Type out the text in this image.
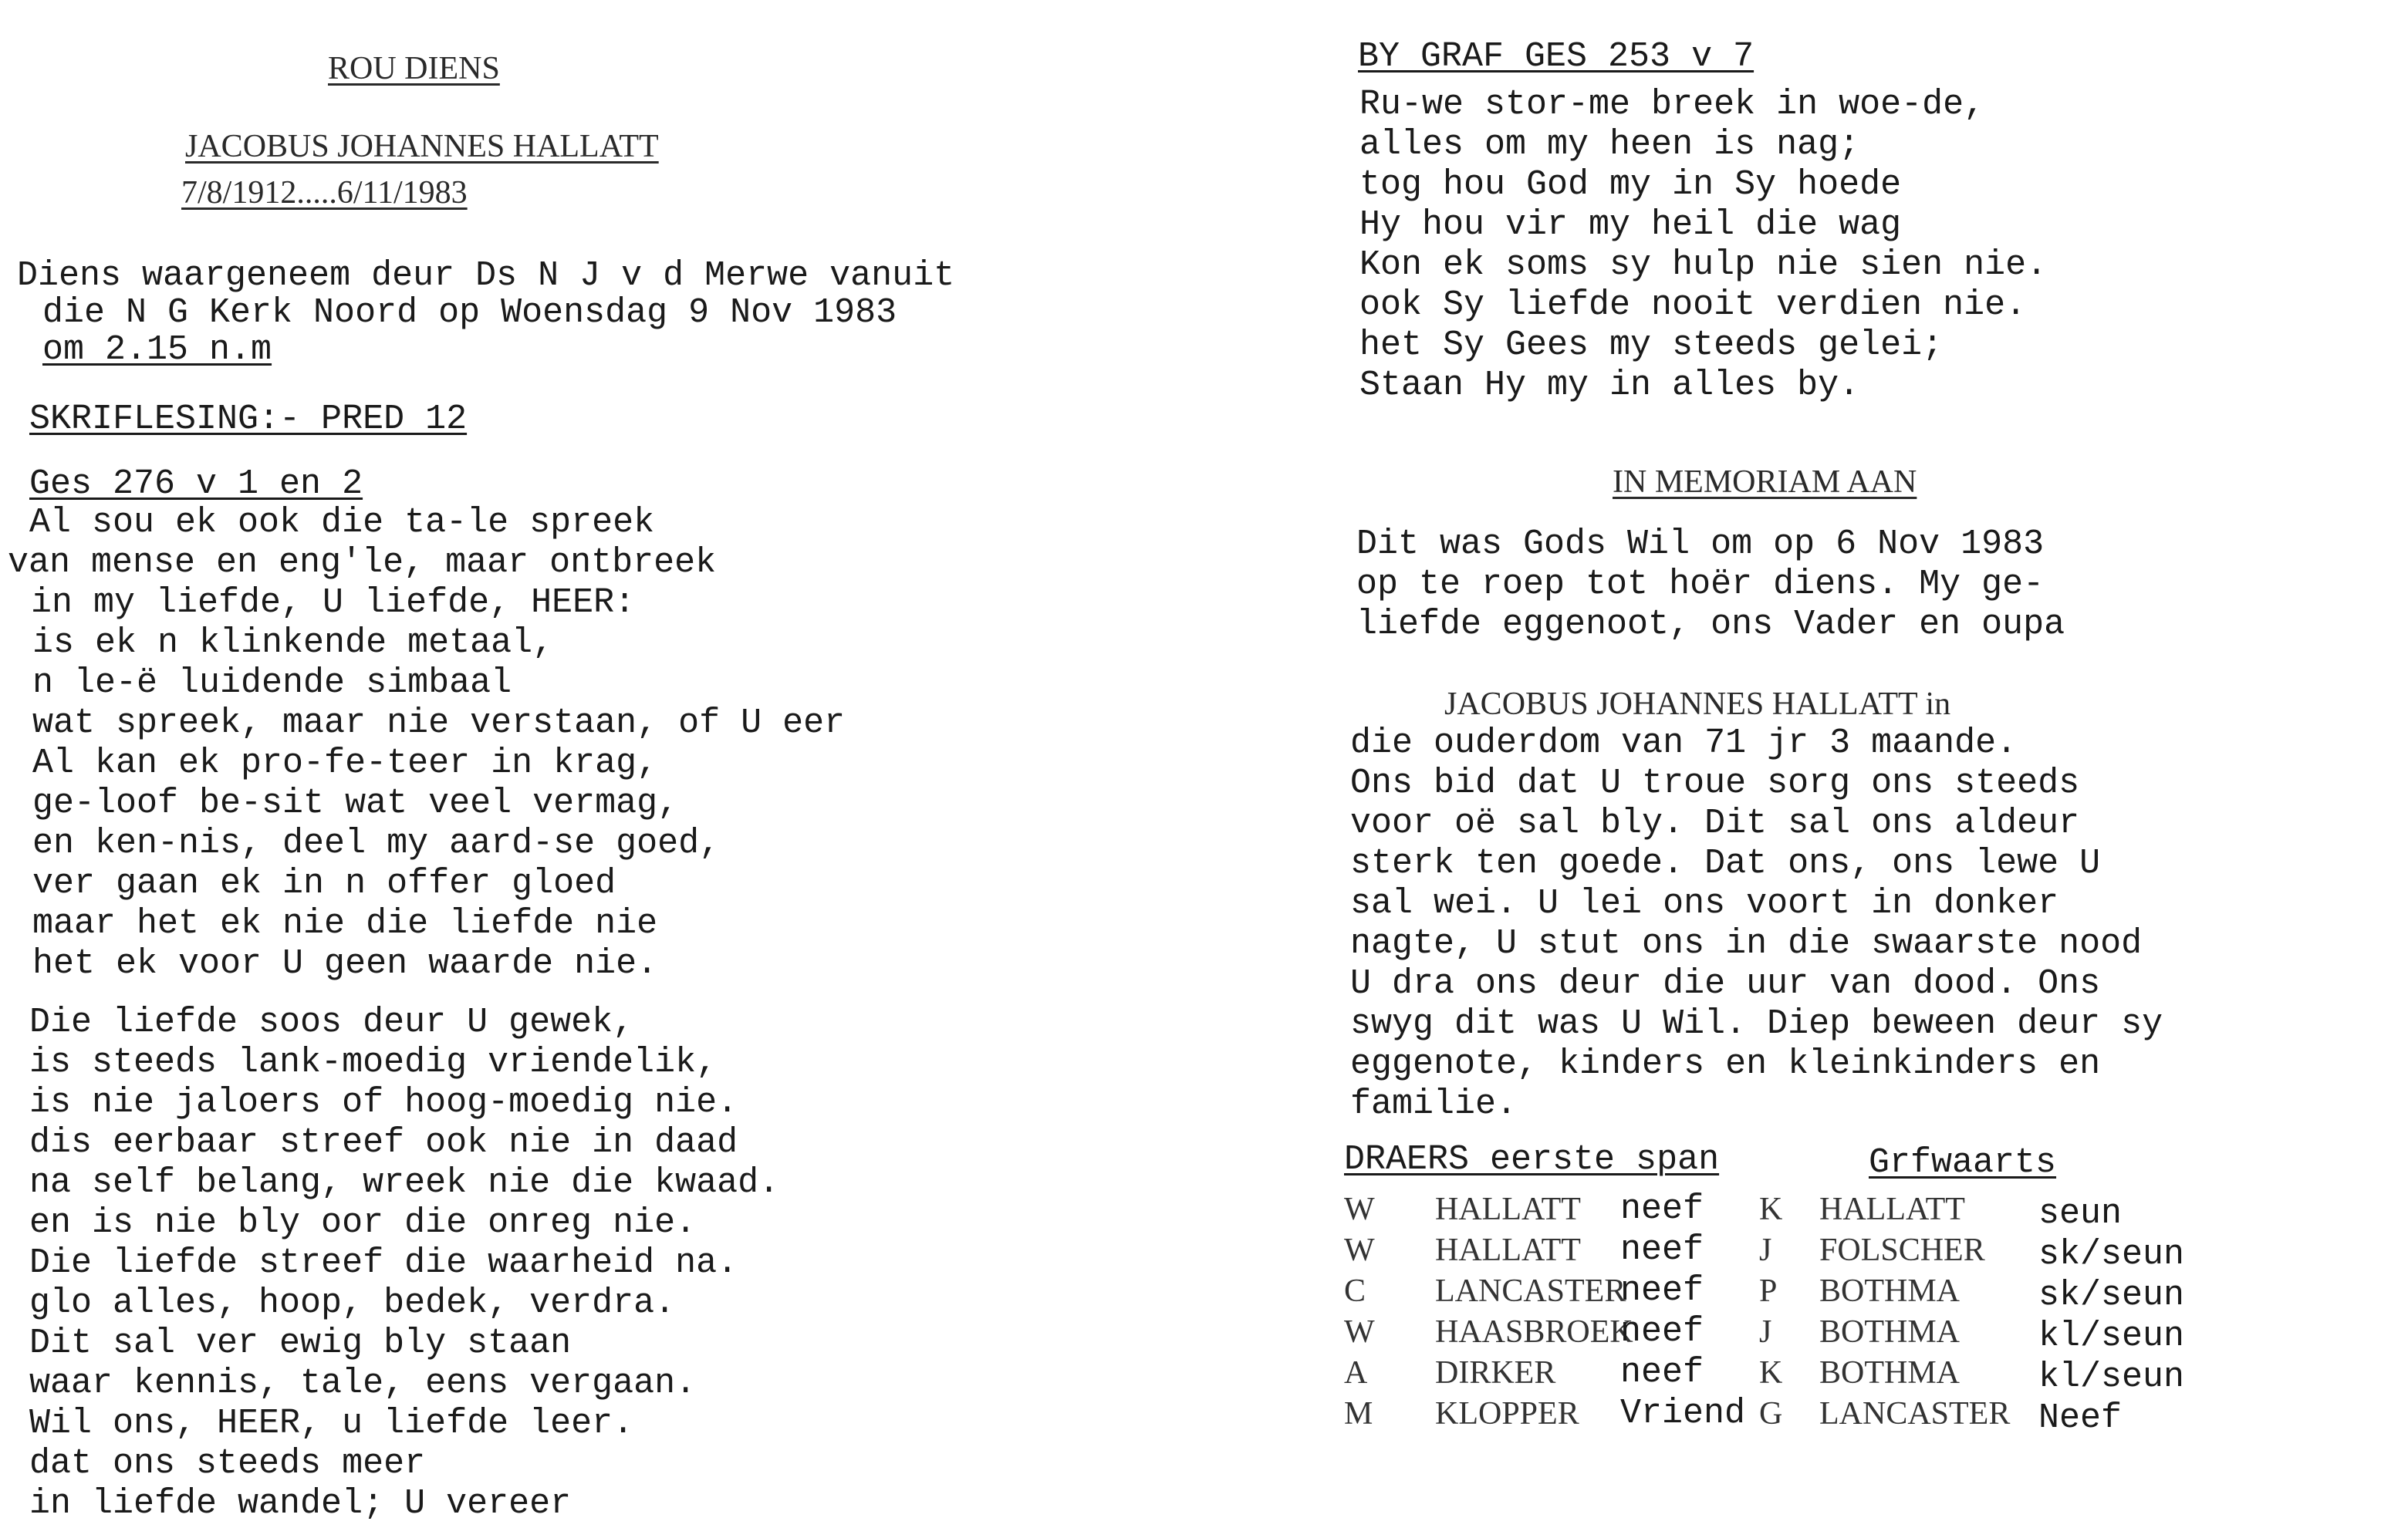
ROU DIENS
JACOBUS JOHANNES HALLATT
7/8/1912.....6/11/1983
Diens waargeneem deur Ds N J v d Merwe vanuit
die N G Kerk Noord op Woensdag 9 Nov 1983
om 2.15 n.m
SKRIFLESING:- PRED 12
Ges 276 v 1 en 2
Al sou ek ook die ta-le spreek
van mense en eng'le, maar ontbreek
in my liefde, U liefde, HEER:
is ek n klinkende metaal,
n le-ë luidende simbaal
wat spreek, maar nie verstaan, of U eer
Al kan ek pro-fe-teer in krag,
ge-loof be-sit wat veel vermag,
en ken-nis, deel my aard-se goed,
ver gaan ek in n offer gloed
maar het ek nie die liefde nie
het ek voor U geen waarde nie.
Die liefde soos deur U gewek,
is steeds lank-moedig vriendelik,
is nie jaloers of hoog-moedig nie.
dis eerbaar streef ook nie in daad
na self belang, wreek nie die kwaad.
en is nie bly oor die onreg nie.
Die liefde streef die waarheid na.
glo alles, hoop, bedek, verdra.
Dit sal ver ewig bly staan
waar kennis, tale, eens vergaan.
Wil ons, HEER, u liefde leer.
dat ons steeds meer
in liefde wandel; U vereer
BY GRAF GES 253 v 7
Ru-we stor-me breek in woe-de,
alles om my heen is nag;
tog hou God my in Sy hoede
Hy hou vir my heil die wag
Kon ek soms sy hulp nie sien nie.
ook Sy liefde nooit verdien nie.
het Sy Gees my steeds gelei;
Staan Hy my in alles by.
IN MEMORIAM AAN
Dit was Gods Wil om op 6 Nov 1983
op te roep tot hoër diens. My ge-
liefde eggenoot, ons Vader en oupa
JACOBUS JOHANNES HALLATT in
die ouderdom van 71 jr 3 maande.
Ons bid dat U troue sorg ons steeds
voor oë sal bly. Dit sal ons aldeur
sterk ten goede. Dat ons, ons lewe U
sal wei. U lei ons voort in donker
nagte, U stut ons in die swaarste nood
U dra ons deur die uur van dood. Ons
swyg dit was U Wil. Diep beween deur sy
eggenote, kinders en kleinkinders en
familie.
DRAERS eerste span	Grfwaarts
W HALLATT neef K HALLATT seun
W HALLATT neef J FOLSCHER sk/seun
C LANCASTER
neef P BOTHMA sk/seun
W HAASBROEK
neef J BOTHMA kl/seun
A DIRKER neef K BOTHMA kl/seun
M KLOPPER Vriend G LANCASTER Neef
